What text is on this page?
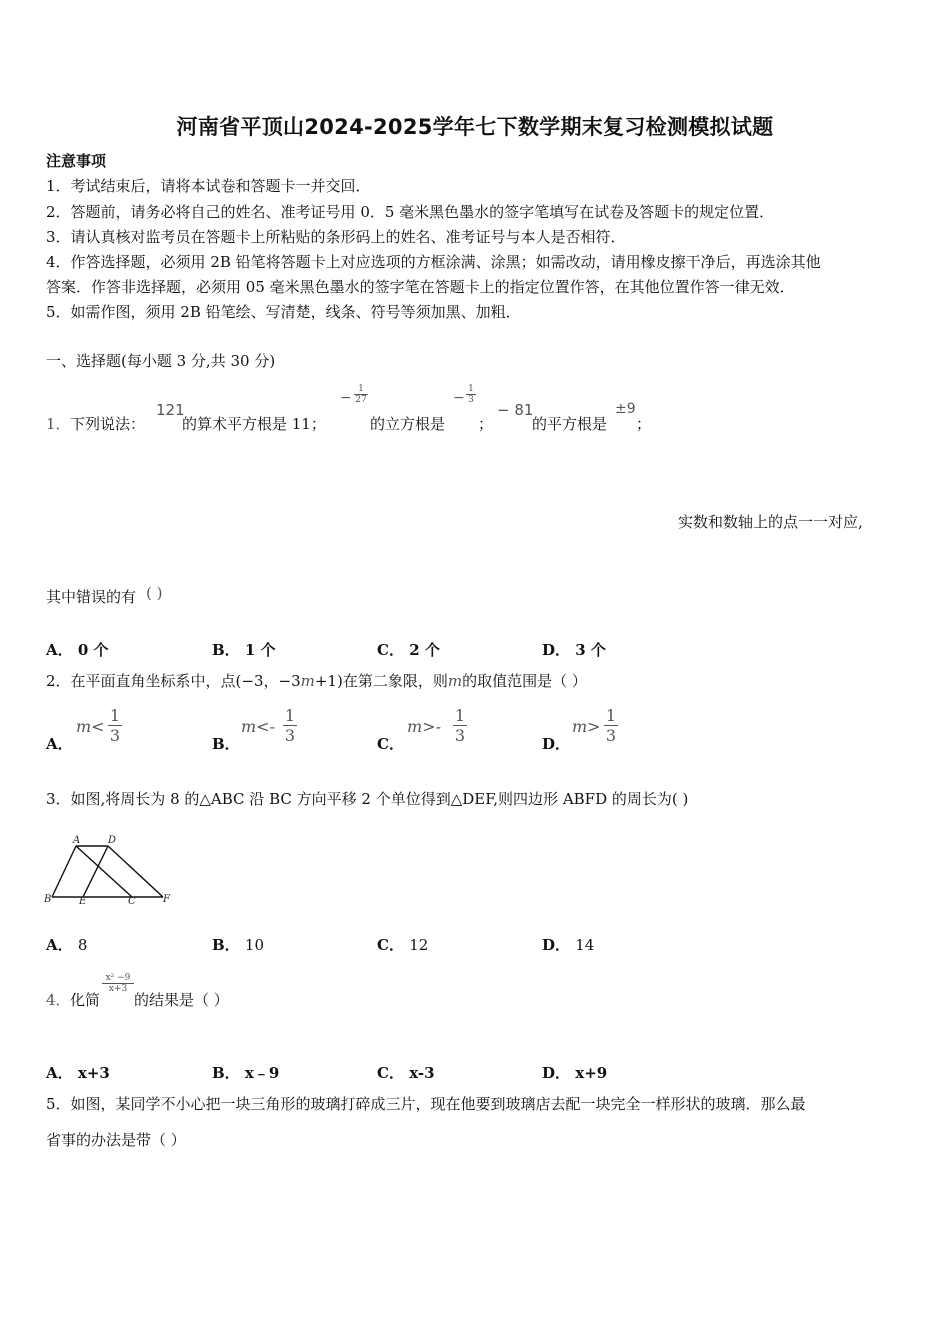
河南省平顶山2024-2025学年七下数学期末复习检测模拟试题
注意事项
1．考试结束后，请将本试卷和答题卡一并交回．
2．答题前，请务必将自己的姓名、准考证号用 0．5 毫米黑色墨水的签字笔填写在试卷及答题卡的规定位置．
3．请认真核对监考员在答题卡上所粘贴的条形码上的姓名、准考证号与本人是否相符．
4．作答选择题，必须用 2B 铅笔将答题卡上对应选项的方框涂满、涂黑；如需改动，请用橡皮擦干净后，再选涂其他
答案．作答非选择题，必须用 05 毫米黑色墨水的签字笔在答题卡上的指定位置作答，在其他位置作答一律无效．
5．如需作图，须用 2B 铅笔绘、写清楚，线条、符号等须加黑、加粗．
一、选择题(每小题 3 分,共 30 分)
1． 下列说法：
121
的算术平方根是 11；
−
1
27
的立方根是
−
1
3
；
− 81
的平方根是
±9
；
实数和数轴上的点一一对应,
其中错误的有 ( )
A． 0 个	B． 1 个	C． 2 个	D． 3 个
2．在平面直角坐标系中，点(−3，−3m+1)在第二象限，则m的取值范围是（ ）
A．
m<
1
3	B．
m<-
1
3	C．
m>-
1
3	D．
m>
1
3
3．如图,将周长为 8 的△ABC 沿 BC 方向平移 2 个单位得到△DEF,则四边形 ABFD 的周长为( )
A	D
B	E	C	F
A． 8	B． 10	C． 12	D． 14
4． 化简
x² −9
x+3
的结果是（ ）
A． x+3	B． x﹣9	C． x-3	D． x+9
5．如图，某同学不小心把一块三角形的玻璃打碎成三片，现在他要到玻璃店去配一块完全一样形状的玻璃．那么最
省事的办法是带（ ）
